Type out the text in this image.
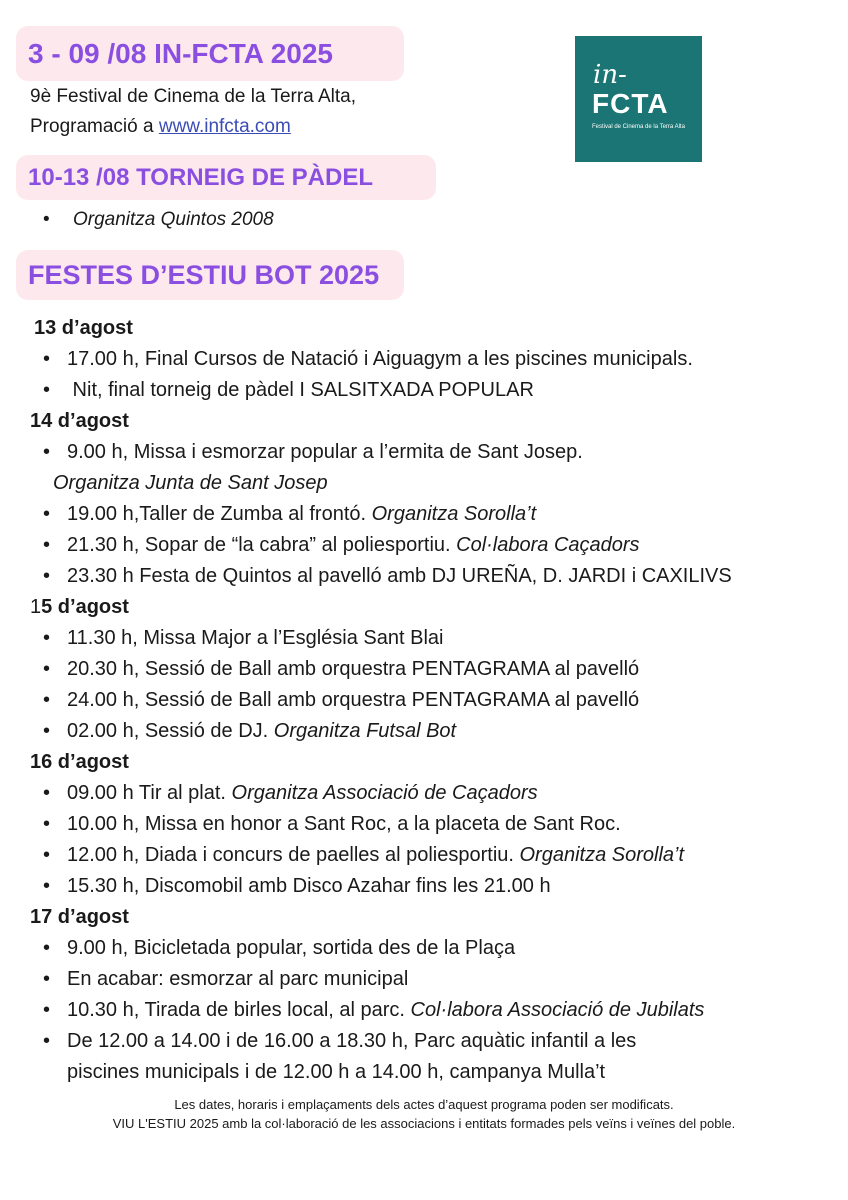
3 - 09 /08 IN-FCTA 2025
9è Festival de Cinema de la Terra Alta,
Programació a www.infcta.com
in-
FCTA
Festival de Cinema de la Terra Alta
10-13 /08 TORNEIG DE PÀDEL
• Organitza Quintos 2008
FESTES D’ESTIU BOT 2025
13 d’agost
• 17.00 h, Final Cursos de Natació i Aiguagym a les piscines municipals.
• Nit, final torneig de pàdel I SALSITXADA POPULAR
14 d’agost
• 9.00 h, Missa i esmorzar popular a l’ermita de Sant Josep.
Organitza Junta de Sant Josep
• 19.00 h,Taller de Zumba al frontó. Organitza Sorolla’t
• 21.30 h, Sopar de “la cabra” al poliesportiu. Col·labora Caçadors
• 23.30 h Festa de Quintos al pavelló amb DJ UREÑA, D. JARDI i CAXILIVS
15 d’agost
• 11.30 h, Missa Major a l’Església Sant Blai
• 20.30 h, Sessió de Ball amb orquestra PENTAGRAMA al pavelló
• 24.00 h, Sessió de Ball amb orquestra PENTAGRAMA al pavelló
• 02.00 h, Sessió de DJ. Organitza Futsal Bot
16 d’agost
• 09.00 h Tir al plat. Organitza Associació de Caçadors
• 10.00 h, Missa en honor a Sant Roc, a la placeta de Sant Roc.
• 12.00 h, Diada i concurs de paelles al poliesportiu. Organitza Sorolla’t
• 15.30 h, Discomobil amb Disco Azahar fins les 21.00 h
17 d’agost
• 9.00 h, Bicicletada popular, sortida des de la Plaça
• En acabar: esmorzar al parc municipal
• 10.30 h, Tirada de birles local, al parc. Col·labora Associació de Jubilats
• De 12.00 a 14.00 i de 16.00 a 18.30 h, Parc aquàtic infantil a les
piscines municipals i de 12.00 h a 14.00 h, campanya Mulla’t
Les dates, horaris i emplaçaments dels actes d’aquest programa poden ser modificats.
VIU L'ESTIU 2025 amb la col·laboració de les associacions i entitats formades pels veïns i veïnes del poble.
